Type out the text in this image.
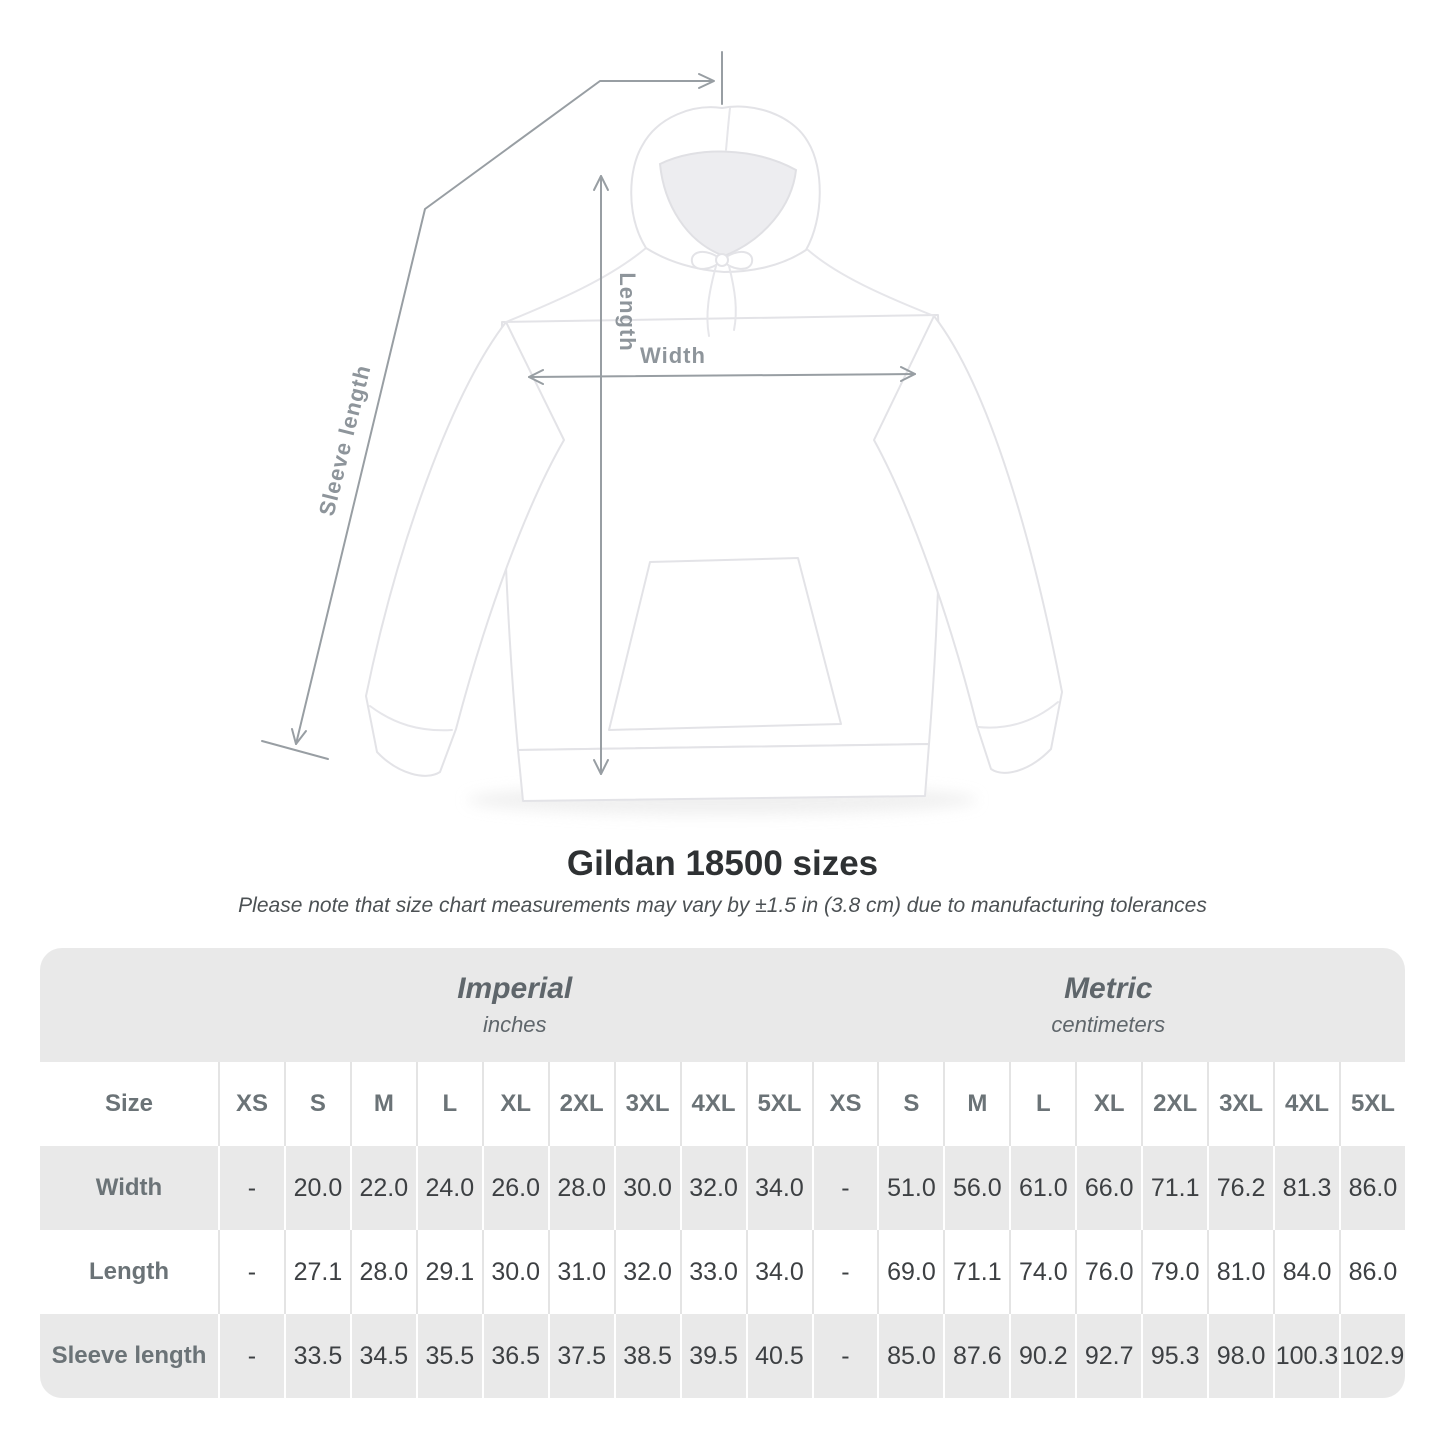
Width
Length
Sleeve length
Gildan 18500 sizes
Please note that size chart measurements may vary by ±1.5 in (3.8 cm) due to manufacturing tolerances
Imperial
inches
Metric
centimeters
Size	XS	S	M	L	XL	2XL 3XL 4XL 5XL	XS	S	M	L	XL	2XL 3XL 4XL 5XL
Width	-	20.0 22.0 24.0 26.0 28.0 30.0 32.0 34.0	-	51.0 56.0 61.0 66.0 71.1 76.2 81.3 86.0
Length	-	27.1 28.0 29.1 30.0 31.0 32.0 33.0 34.0	-	69.0 71.1 74.0 76.0 79.0 81.0 84.0 86.0
Sleeve length	-	33.5 34.5 35.5 36.5 37.5 38.5 39.5 40.5	-	85.0 87.6 90.2 92.7 95.3 98.0 100.3 102.9
